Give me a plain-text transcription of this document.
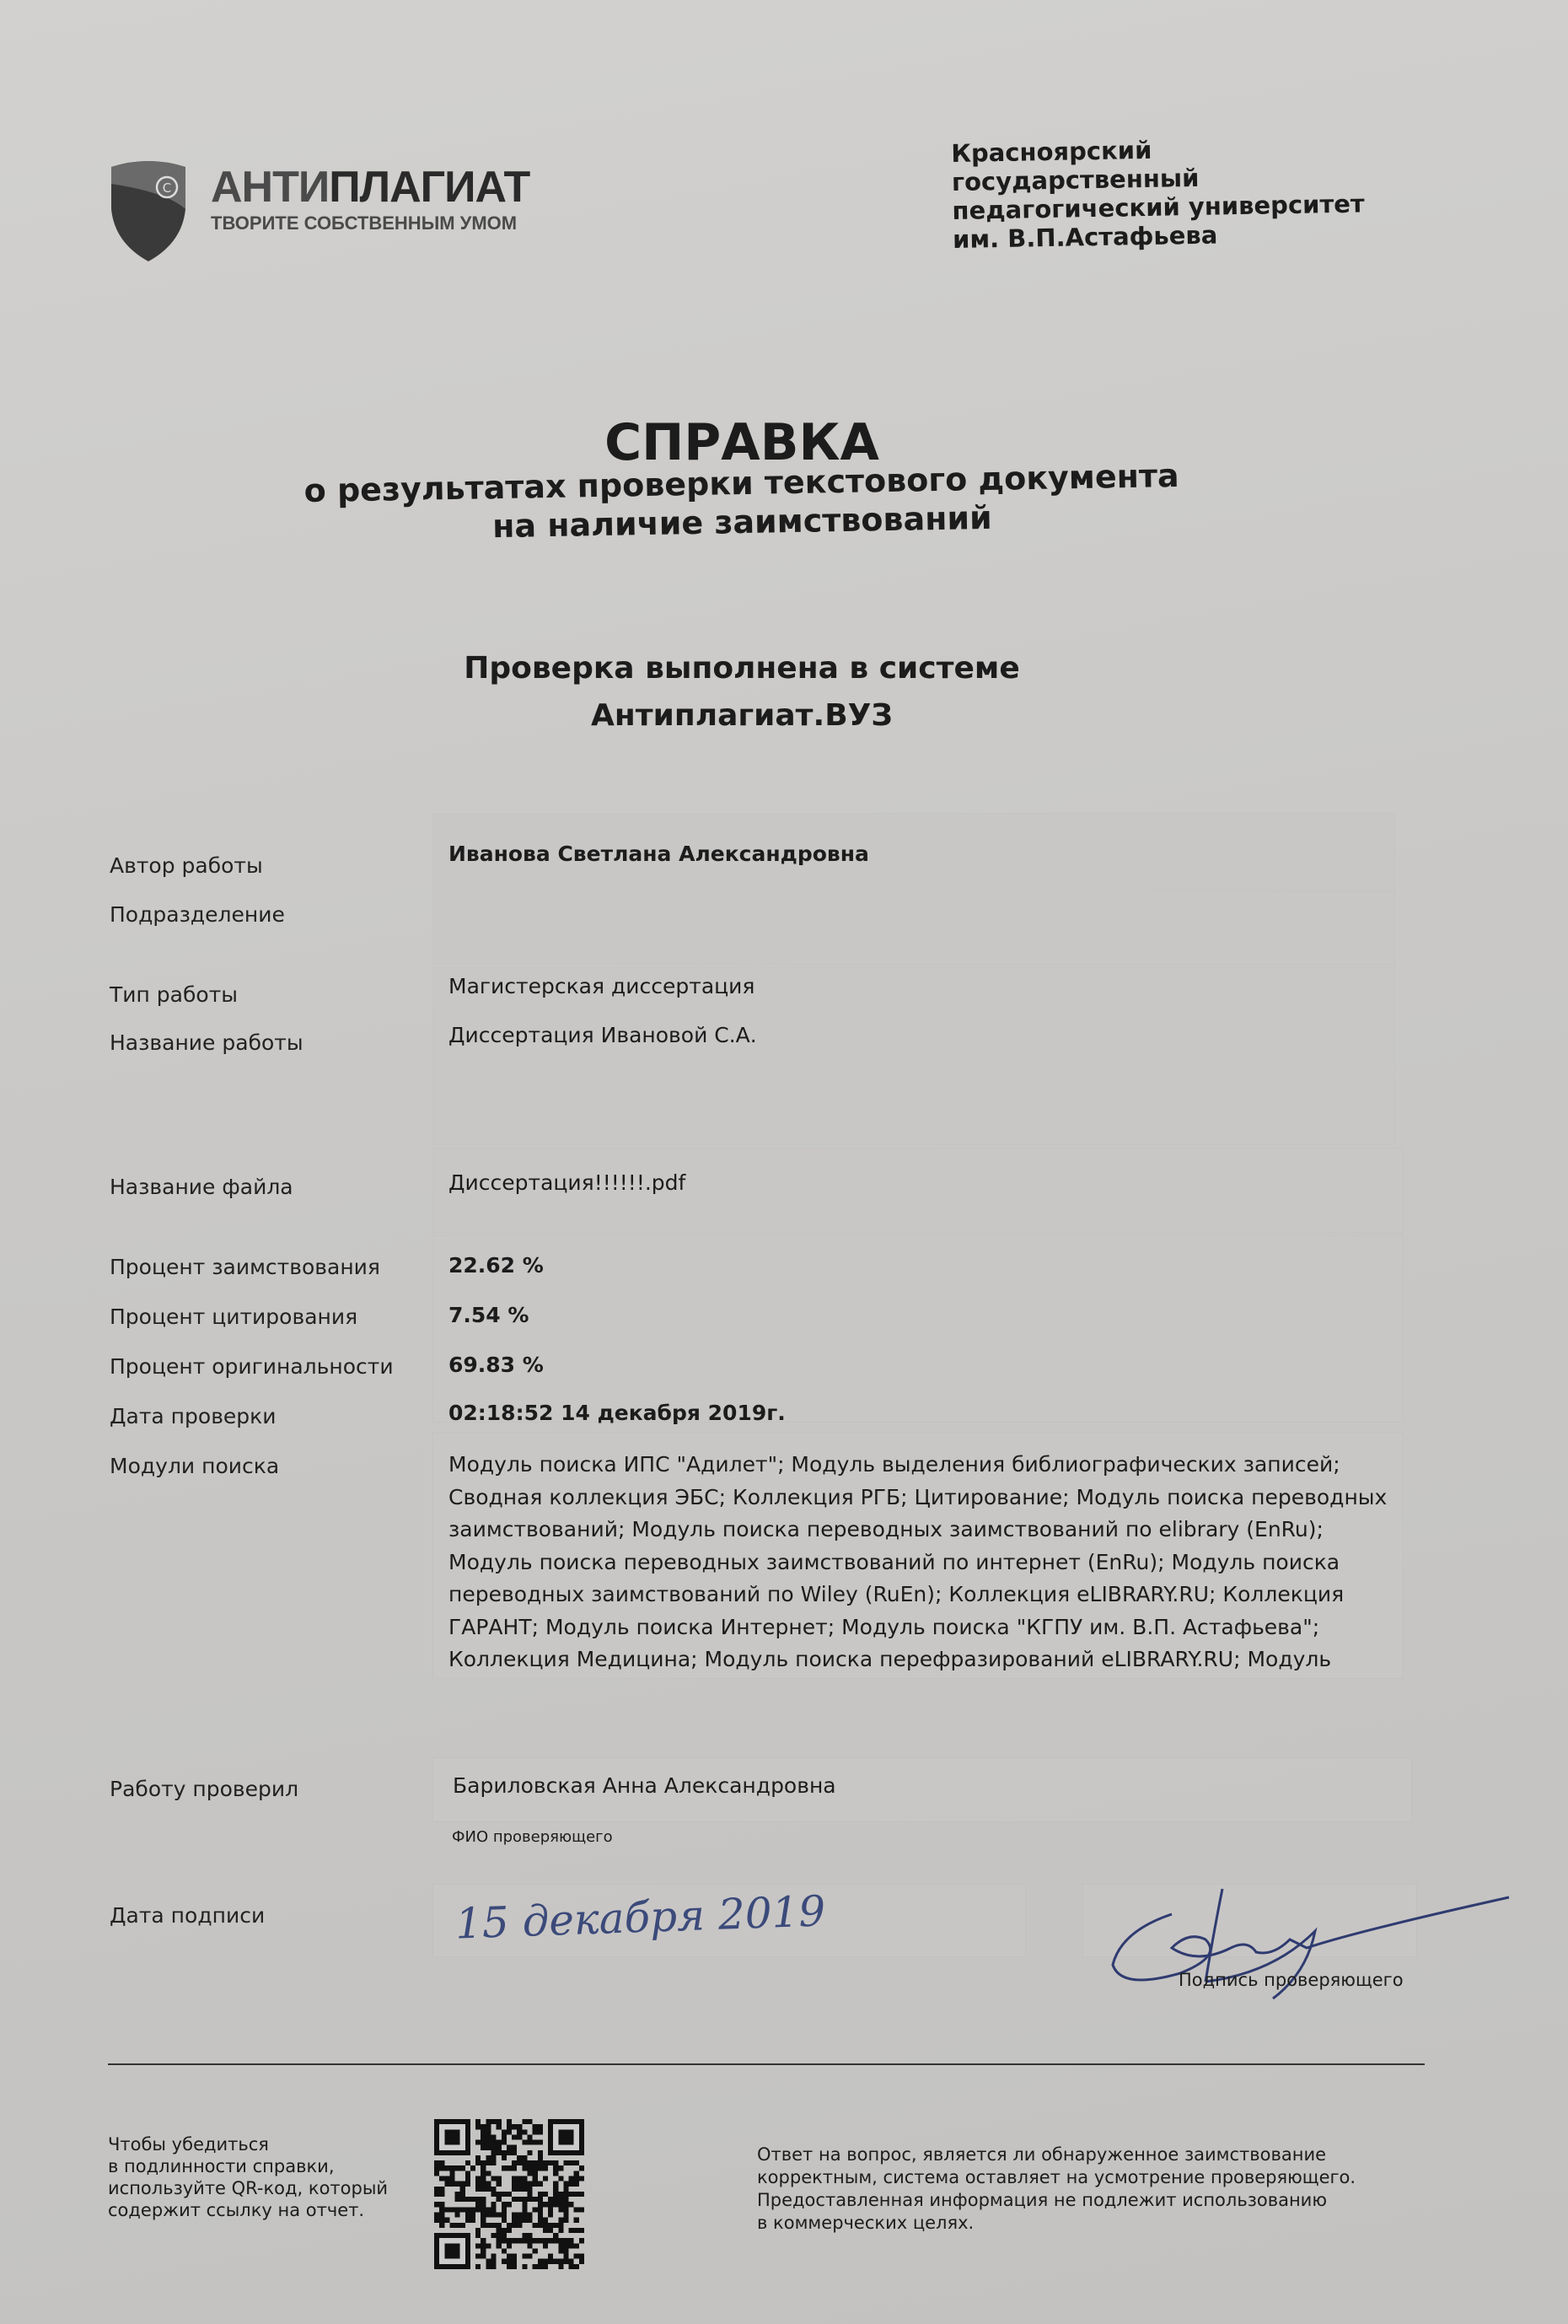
C АНТИПЛАГИАТ
ТВОРИТЕ СОБСТВЕННЫМ УМОМ
Красноярский
государственный
педагогический университет
им. В.П.Астафьева
СПРАВКА
о результатах проверки текстового документа
на наличие заимствований
Проверка выполнена в системе
Антиплагиат.ВУЗ
Автор работы	Иванова Светлана Александровна
Подразделение
Тип работы	Магистерская диссертация
Название работы	Диссертация Ивановой С.А.
Название файла	Диссертация!!!!!!.pdf
Процент заимствования	22.62 %
Процент цитирования	7.54 %
Процент оригинальности	69.83 %
Дата проверки	02:18:52 14 декабря 2019г.
Модули поиска	Модуль поиска ИПС "Адилет"; Модуль выделения библиографических записей;
Сводная коллекция ЭБС; Коллекция РГБ; Цитирование; Модуль поиска переводных
заимствований; Модуль поиска переводных заимствований по elibrary (EnRu);
Модуль поиска переводных заимствований по интернет (EnRu); Модуль поиска
переводных заимствований по Wiley (RuEn); Коллекция eLIBRARY.RU; Коллекция
ГАРАНТ; Модуль поиска Интернет; Модуль поиска "КГПУ им. В.П. Астафьева";
Коллекция Медицина; Модуль поиска перефразирований eLIBRARY.RU; Модуль
Работу проверил	Бариловская Анна Александровна
ФИО проверяющего
Дата подписи	15 декабря 2019
Подпись проверяющего
Чтобы убедиться
в подлинности справки,
используйте QR-код, который
содержит ссылку на отчет.
Ответ на вопрос, является ли обнаруженное заимствование
корректным, система оставляет на усмотрение проверяющего.
Предоставленная информация не подлежит использованию
в коммерческих целях.
